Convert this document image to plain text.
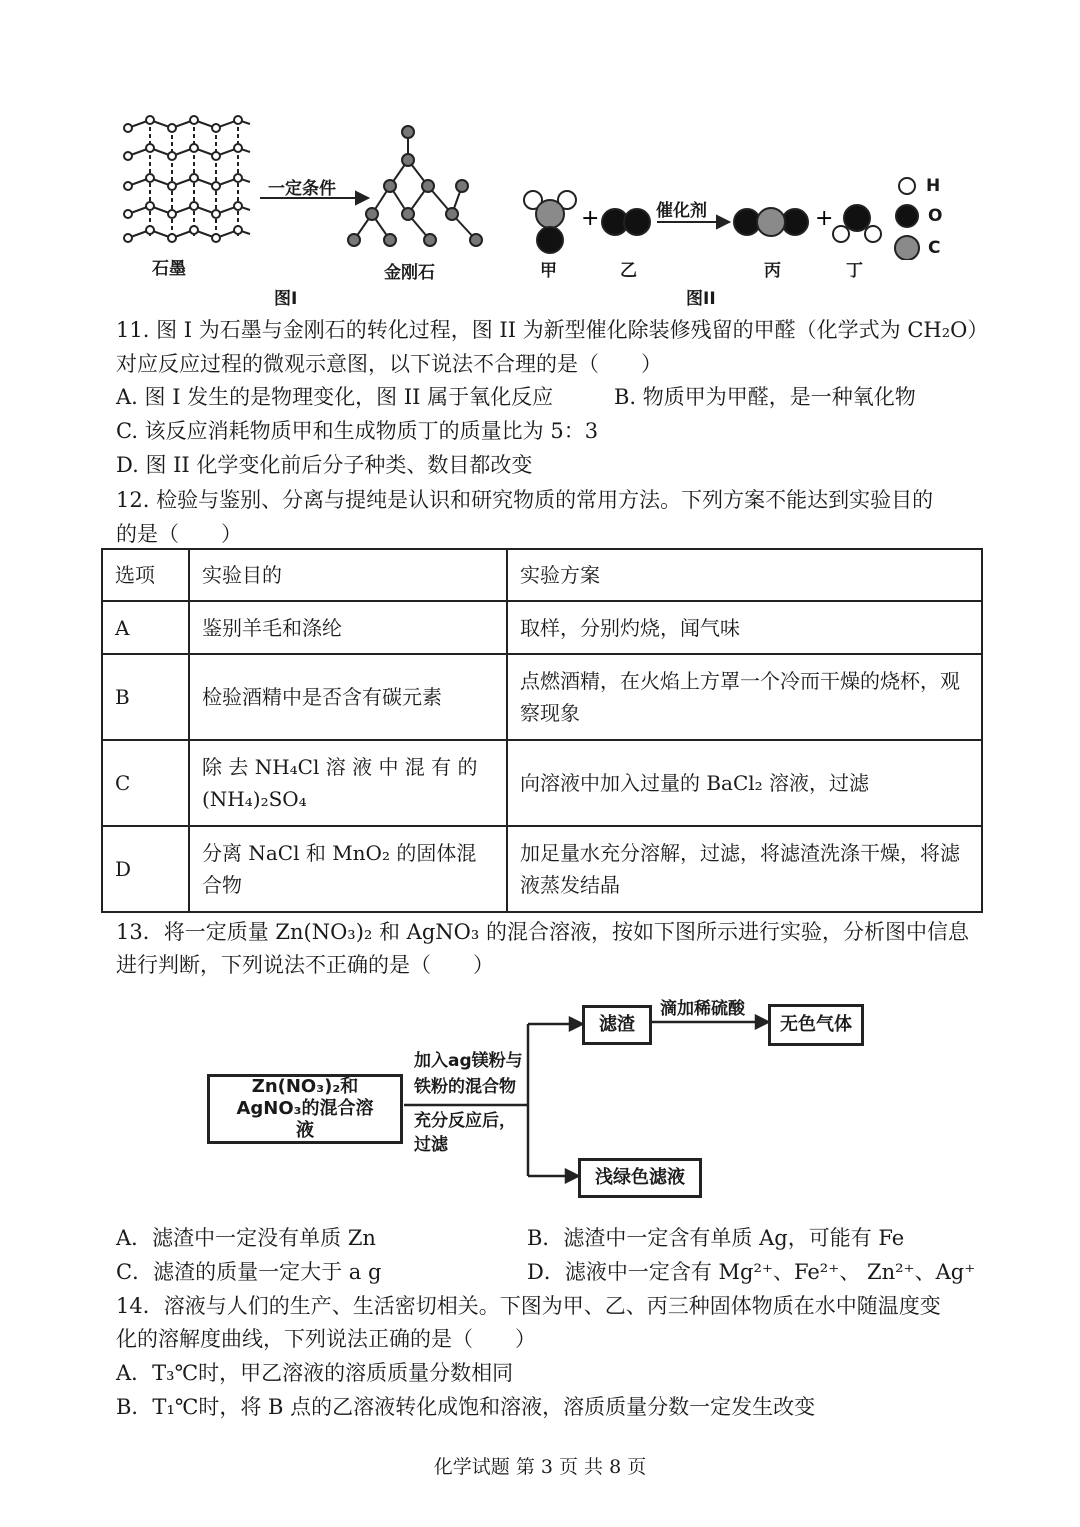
石墨
一定条件
金刚石
图I
+	+
催化剂
甲	乙	丙	丁
H
O
C
图II
11. 图 I 为石墨与金刚石的转化过程，图 II 为新型催化除装修残留的甲醛（化学式为 CH₂O）
对应反应过程的微观示意图，以下说法不合理的是（　　）
A. 图 I 发生的是物理变化，图 II 属于氧化反应	B. 物质甲为甲醛，是一种氧化物
C. 该反应消耗物质甲和生成物质丁的质量比为 5：3
D. 图 II 化学变化前后分子种类、数目都改变
12. 检验与鉴别、分离与提纯是认识和研究物质的常用方法。下列方案不能达到实验目的
的是（　　）
选项	实验目的	实验方案
A	鉴别羊毛和涤纶	取样，分别灼烧，闻气味
B	检验酒精中是否含有碳元素	点燃酒精，在火焰上方罩一个冷而干燥的烧杯，观察现象
C	除 去 NH₄Cl 溶 液 中 混 有 的 (NH₄)₂SO₄	向溶液中加入过量的 BaCl₂ 溶液，过滤
D	分离 NaCl 和 MnO₂ 的固体混合物	加足量水充分溶解，过滤，将滤渣洗涤干燥，将滤液蒸发结晶
13．将一定质量 Zn(NO₃)₂ 和 AgNO₃ 的混合溶液，按如下图所示进行实验，分析图中信息
进行判断，下列说法不正确的是（　　）
Zn(NO₃)₂和AgNO₃的混合溶液
加入ag镁粉与
铁粉的混合物
充分反应后，
过滤
滤渣
滴加稀硫酸
无色气体
浅绿色滤液
A．滤渣中一定没有单质 Zn	B．滤渣中一定含有单质 Ag，可能有 Fe
C．滤渣的质量一定大于 a g	D．滤液中一定含有 Mg²⁺、Fe²⁺、 Zn²⁺、Ag⁺
14．溶液与人们的生产、生活密切相关。下图为甲、乙、丙三种固体物质在水中随温度变
化的溶解度曲线，下列说法正确的是（　　）
A．T₃℃时，甲乙溶液的溶质质量分数相同
B．T₁℃时，将 B 点的乙溶液转化成饱和溶液，溶质质量分数一定发生改变
化学试题 第 3 页 共 8 页
